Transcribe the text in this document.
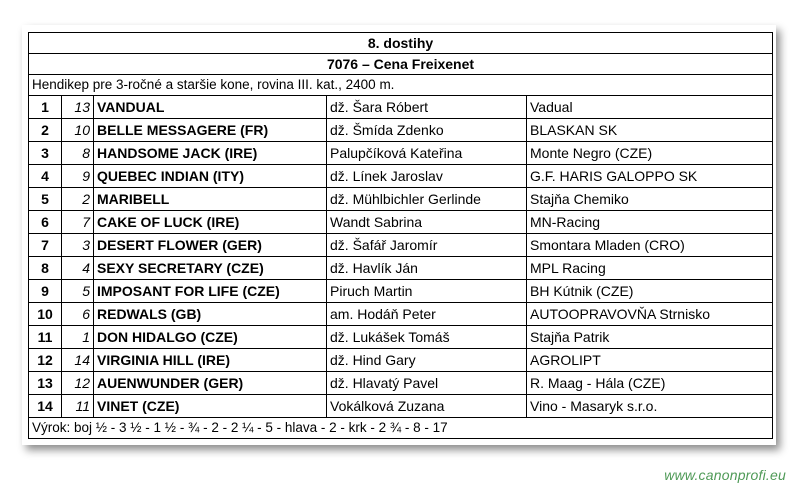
8. dostihy				
7076 – Cena Freixenet				
Hendikep pre 3-ročné a staršie kone, rovina III. kat., 2400 m.				
1	13	VANDUAL	dž. Šara Róbert	Vadual
2	10	BELLE MESSAGERE (FR)	dž. Šmída Zdenko	BLASKAN SK
3	8	HANDSOME JACK (IRE)	Palupčíková Kateřina	Monte Negro (CZE)
4	9	QUEBEC INDIAN (ITY)	dž. Línek Jaroslav	G.F. HARIS GALOPPO SK
5	2	MARIBELL	dž. Mühlbichler Gerlinde	Stajňa Chemiko
6	7	CAKE OF LUCK (IRE)	Wandt Sabrina	MN-Racing
7	3	DESERT FLOWER (GER)	dž. Šafář Jaromír	Smontara Mladen (CRO)
8	4	SEXY SECRETARY (CZE)	dž. Havlík Ján	MPL Racing
9	5	IMPOSANT FOR LIFE (CZE)	Piruch Martin	BH Kútnik (CZE)
10	6	REDWALS (GB)	am. Hodáň Peter	AUTOOPRAVOVŇA Strnisko
11	1	DON HIDALGO (CZE)	dž. Lukášek Tomáš	Stajňa Patrik
12	14	VIRGINIA HILL (IRE)	dž. Hind Gary	AGROLIPT
13	12	AUENWUNDER (GER)	dž. Hlavatý Pavel	R. Maag - Hála (CZE)
14	11	VINET (CZE)	Vokálková Zuzana	Vino - Masaryk s.r.o.
Výrok: boj ½ - 3 ½ - 1 ½ - ¾ - 2 - 2 ¼ - 5 - hlava - 2 - krk - 2 ¾ - 8 - 17				
www.canonprofi.eu
